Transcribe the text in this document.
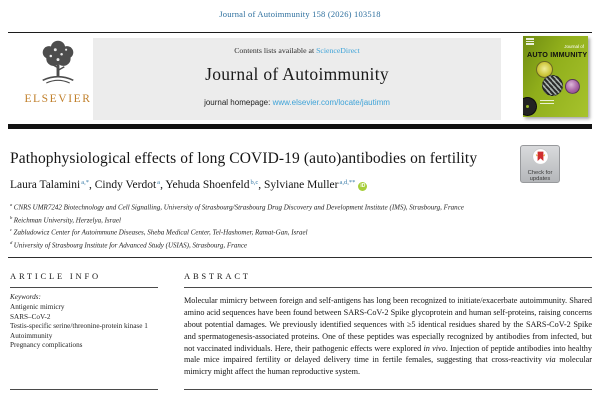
Journal of Autoimmunity 158 (2026) 103518
ELSEVIER
Contents lists available at ScienceDirect
Journal of Autoimmunity
journal homepage: www.elsevier.com/locate/jautimm
Journal of
AUTO IMMUNITY
Pathophysiological effects of long COVID-19 (auto)antibodies on fertility
Check for
updates
Laura Talamini$^{a,*}$, Cindy Verdot$^a$, Yehuda Shoenfeld$^{b,c}$, Sylviane Muller$^{a,d,**}$iD
$^a$ CNRS UMR7242 Biotechnology and Cell Signalling, University of Strasbourg/Strasbourg Drug Discovery and Development Institute (IMS), Strasbourg, France
$^b$ Reichman University, Herzelya, Israel
$^c$ Zabludowicz Center for Autoimmune Diseases, Sheba Medical Center, Tel-Hashomer, Ramat-Gan, Israel
$^d$ University of Strasbourg Institute for Advanced Study (USIAS), Strasbourg, France
ARTICLE INFO
Keywords:
Antigenic mimicry
SARS–CoV-2
Testis-specific serine/threonine-protein kinase 1
Autoimmunity
Pregnancy complications
ABSTRACT

Molecular mimicry between foreign and self-antigens has long been recognized to initiate/exacerbate autoimmunity. Shared amino acid sequences have been found between SARS-CoV-2 Spike glycoprotein and human self-proteins, raising concerns about potential damages. We previously identified sequences with ≥5 identical residues shared by the SARS-CoV-2 Spike and spermatogenesis-associated proteins. One of these peptides was especially recognized by antibodies from infected, but not vaccinated individuals. Here, their pathogenic effects were explored in vivo. Injection of peptide antibodies into healthy male mice impaired fertility or delayed delivery time in fertile females, suggesting that cross-reactivity via molecular mimicry might affect the human reproductive system.
